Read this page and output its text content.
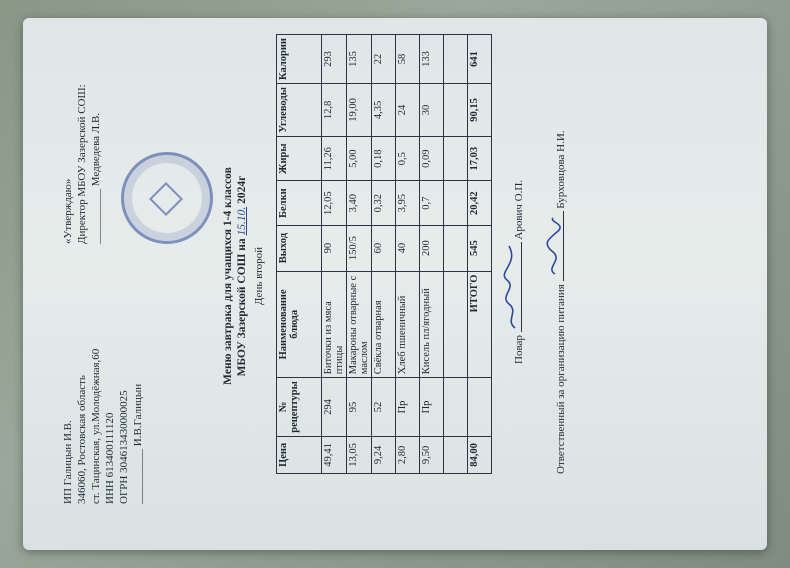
ИП Галицын И.В. 346060, Ростовская область ст. Тацинская, ул.Молодёжная,60 ИНН 613400111120 ОГРН 304613430000025 __________ И.В.Галицын
«Утверждаю» Директор МБОУ Зазерской СОШ: __________ Медведева Л.В.	Меню завтрака для учащихся 1-4 классов МБОУ Зазерской СОШ на 15.10. 2024г
День второй
Цена	№ рецептуры	Наименование блюда	Выход	Белки	Жиры	Углеводы	Калории
49,41	294	Биточки из мяса птицы	90	12,05	11,26	12,8	293
13,05	95	Макароны отварные с маслом	150/5	3,40	5,00	19,00	135
9,24	52	Свёкла отварная	60	0,32	0,18	4,35	22
2,80	Пр	Хлеб пшеничный	40	3,95	0,5	24	58
9,50	Пр	Кисель пл/ягодный	200	0,7	0,09	30	133

84,00		ИТОГО	545	20,42	17,03	90,15	641
Повар
Арович О.П.
Ответственный за организацию питания
Бурховцова Н.И.
